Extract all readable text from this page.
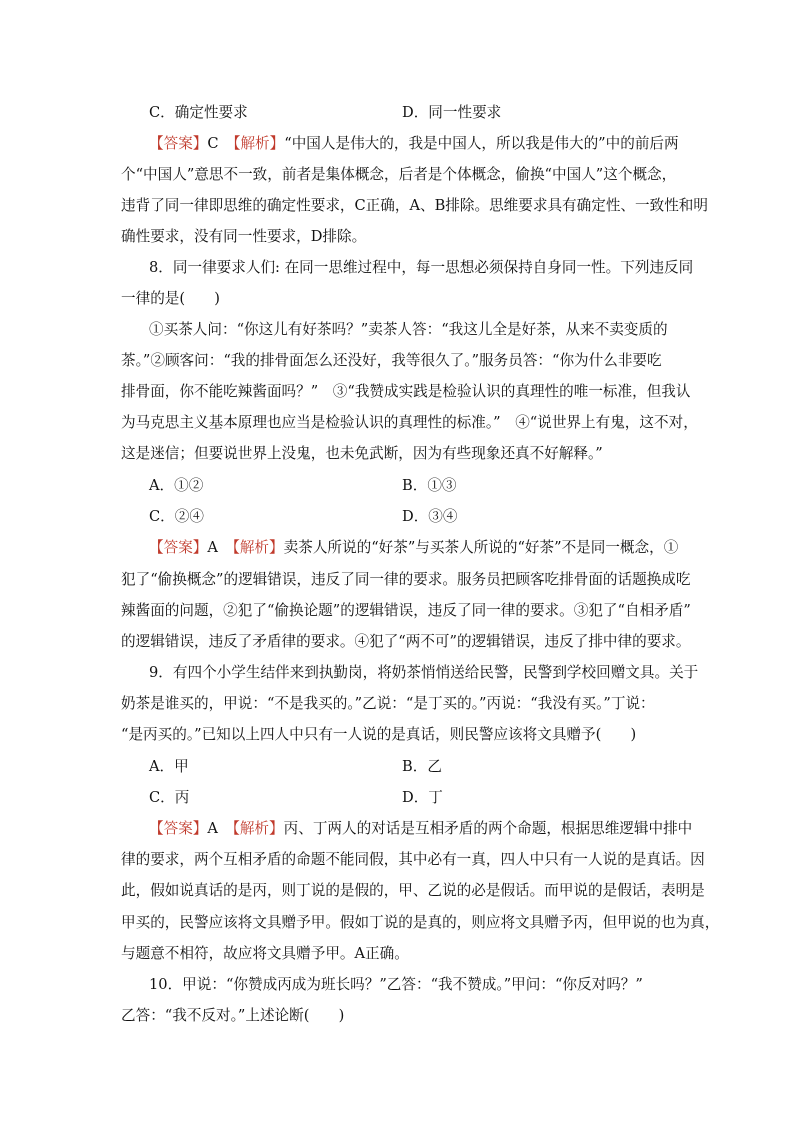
C．确定性要求	D．同一性要求
【答案】C　 【解析】“中国人是伟大的，我是中国人，所以我是伟大的”中的前后两
个“中国人”意思不一致，前者是集体概念，后者是个体概念，偷换“中国人”这个概念，
违背了同一律即思维的确定性要求，C正确，A、B排除。思维要求具有确定性、一致性和明
确性要求，没有同一性要求，D排除。
8．同一律要求人们: 在同一思维过程中，每一思想必须保持自身同一性。下列违反同
一律的是(　　)
①买茶人问：“你这儿有好茶吗？”卖茶人答：“我这儿全是好茶，从来不卖变质的
茶。”②顾客问：“我的排骨面怎么还没好，我等很久了。”服务员答：“你为什么非要吃
排骨面，你不能吃辣酱面吗？”　③“我赞成实践是检验认识的真理性的唯一标准，但我认
为马克思主义基本原理也应当是检验认识的真理性的标准。”　④“说世界上有鬼，这不对，
这是迷信；但要说世界上没鬼，也未免武断，因为有些现象还真不好解释。”
A．①②	B．①③
C．②④	D．③④
【答案】A　 【解析】卖茶人所说的“好茶”与买茶人所说的“好茶”不是同一概念，①
犯了“偷换概念”的逻辑错误，违反了同一律的要求。服务员把顾客吃排骨面的话题换成吃
辣酱面的问题，②犯了“偷换论题”的逻辑错误，违反了同一律的要求。③犯了“自相矛盾”
的逻辑错误，违反了矛盾律的要求。④犯了“两不可”的逻辑错误，违反了排中律的要求。
9．有四个小学生结伴来到执勤岗，将奶茶悄悄送给民警，民警到学校回赠文具。关于
奶茶是谁买的，甲说：“不是我买的。”乙说：“是丁买的。”丙说：“我没有买。”丁说：
“是丙买的。”已知以上四人中只有一人说的是真话，则民警应该将文具赠予(　　)
A．甲	B．乙
C．丙	D．丁
【答案】A　 【解析】丙、丁两人的对话是互相矛盾的两个命题，根据思维逻辑中排中
律的要求，两个互相矛盾的命题不能同假，其中必有一真，四人中只有一人说的是真话。因
此，假如说真话的是丙，则丁说的是假的，甲、乙说的必是假话。而甲说的是假话，表明是
甲买的，民警应该将文具赠予甲。假如丁说的是真的，则应将文具赠予丙，但甲说的也为真，
与题意不相符，故应将文具赠予甲。A正确。
10．甲说：“你赞成丙成为班长吗？”乙答：“我不赞成。”甲问：“你反对吗？”
乙答：“我不反对。”上述论断(　　)
